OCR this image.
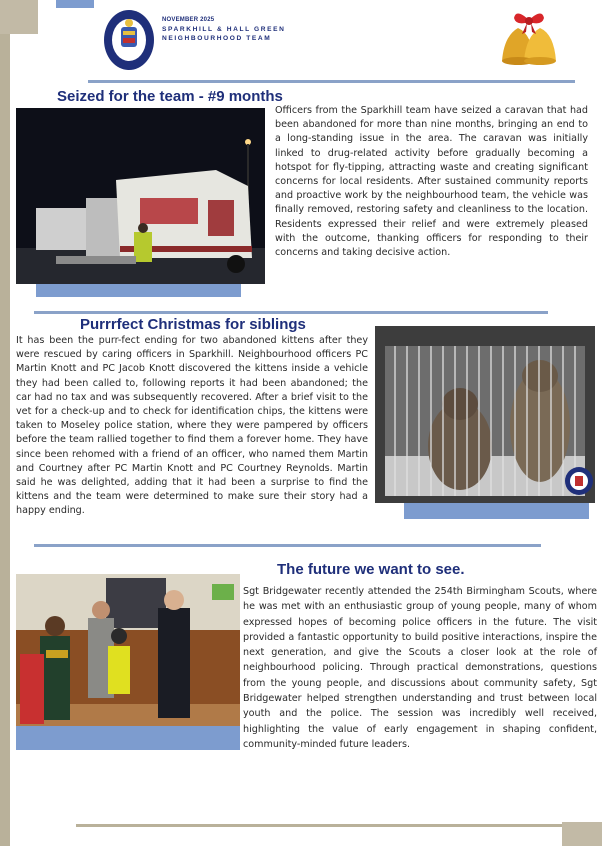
NOVEMBER 2025
SPARKHILL & HALL GREEN
NEIGHBOURHOOD TEAM
Seized for the team - #9 months

Officers from the Sparkhill team have seized a caravan that had been abandoned for more than nine months, bringing an end to a long-standing issue in the area. The caravan was initially linked to drug-related activity before gradually becoming a hotspot for fly-tipping, attracting waste and creating significant concerns for local residents. After sustained community reports and proactive work by the neighbourhood team, the vehicle was finally removed, restoring safety and cleanliness to the location. Residents expressed their relief and were extremely pleased with the outcome, thanking officers for responding to their concerns and taking decisive action.

Purrrfect Christmas for siblings

It has been the purr-fect ending for two abandoned kittens after they were rescued by caring officers in Sparkhill. Neighbourhood officers PC Martin Knott and PC Jacob Knott discovered the kittens inside a vehicle they had been called to, following reports it had been abandoned; the car had no tax and was subsequently recovered. After a brief visit to the vet for a check-up and to check for identification chips, the kittens were taken to Moseley police station, where they were pampered by officers before the team rallied together to find them a forever home. They have since been rehomed with a friend of an officer, who named them Martin and Courtney after PC Martin Knott and PC Courtney Reynolds. Martin said he was delighted, adding that it had been a surprise to find the kittens and the team were determined to make sure their story had a happy ending.

The future we want to see.

Sgt Bridgewater recently attended the 254th Birmingham Scouts, where he was met with an enthusiastic group of young people, many of whom expressed hopes of becoming police officers in the future. The visit provided a fantastic opportunity to build positive interactions, inspire the next generation, and give the Scouts a closer look at the role of neighbourhood policing. Through practical demonstrations, questions from the young people, and discussions about community safety, Sgt Bridgewater helped strengthen understanding and trust between local youth and the police. The session was incredibly well received, highlighting the value of early engagement in shaping confident, community-minded future leaders.
